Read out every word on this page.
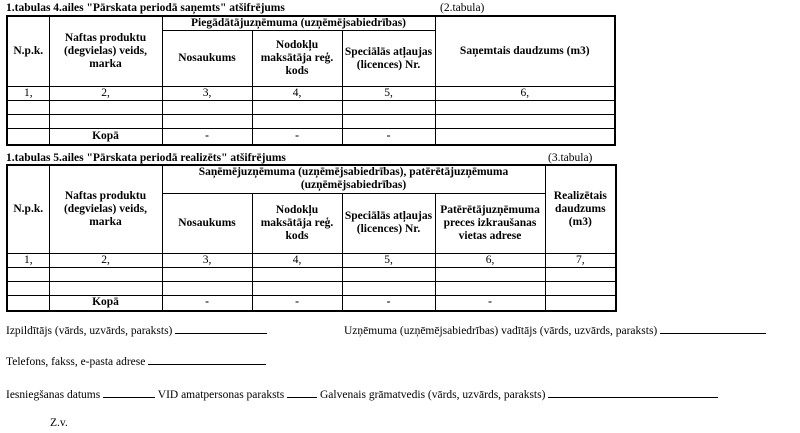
1.tabulas 4.ailes "Pārskata periodā saņemts" atšifrējums	(2.tabula)
N.p.k.	Naftas produktu (degvielas) veids, marka	Piegādātājuzņēmuma (uzņēmējsabiedrības)			Saņemtais daudzums (m3)
		Nosaukums	Nodokļu maksātāja reģ. kods	Speciālās atļaujas (licences) Nr.	
1,	2,	3,	4,	5,	6,

	Kopā	-	-	-	
1.tabulas 5.ailes "Pārskata periodā realizēts" atšifrējums	(3.tabula)
N.p.k.	Naftas produktu (degvielas) veids, marka	Saņēmējuzņēmuma (uzņēmējsabiedrības), patērētājuzņēmuma (uzņēmējsabiedrības)				Realizētais daudzums (m3)
		Nosaukums	Nodokļu maksātāja reģ. kods	Speciālās atļaujas (licences) Nr.	Patērētājuzņēmuma preces izkraušanas vietas adrese	
1,	2,	3,	4,	5,	6,	7,

	Kopā	-	-	-	-	
Izpildītājs (vārds, uzvārds, paraksts)	Uzņēmuma (uzņēmējsabiedrības) vadītājs (vārds, uzvārds, paraksts)
Telefons, fakss, e-pasta adrese
Iesniegšanas datums	VID amatpersonas paraksts	Galvenais grāmatvedis (vārds, uzvārds, paraksts)
Z.v.
